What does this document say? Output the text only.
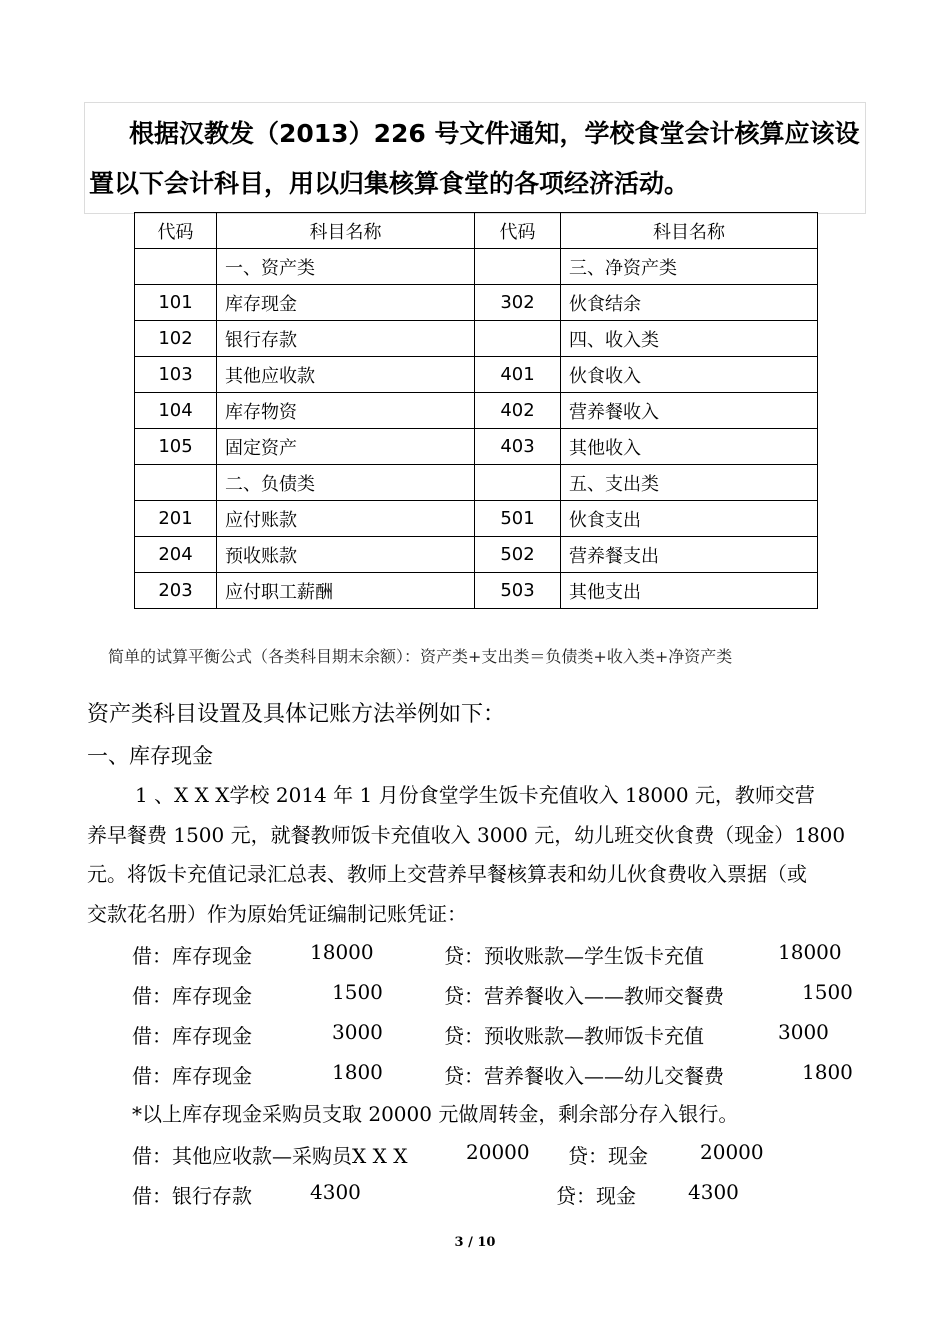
根据汉教发（2013）226 号文件通知，学校食堂会计核算应该设
置以下会计科目，用以归集核算食堂的各项经济活动。
代码	科目名称	代码	科目名称
	一、资产类		三、净资产类
101	库存现金	302	伙食结余
102	银行存款		四、收入类
103	其他应收款	401	伙食收入
104	库存物资	402	营养餐收入
105	固定资产	403	其他收入
	二、负债类		五、支出类
201	应付账款	501	伙食支出
204	预收账款	502	营养餐支出
203	应付职工薪酬	503	其他支出
简单的试算平衡公式（各类科目期末余额）：资产类+支出类＝负债类+收入类+净资产类
资产类科目设置及具体记账方法举例如下：
一、库存现金
1 、X X X学校 2014 年 1 月份食堂学生饭卡充值收入 18000 元，教师交营
养早餐费 1500 元，就餐教师饭卡充值收入 3000 元，幼儿班交伙食费（现金）1800
元。将饭卡充值记录汇总表、教师上交营养早餐核算表和幼儿伙食费收入票据（或
交款花名册）作为原始凭证编制记账凭证：
借：库存现金	18000	贷：预收账款—学生饭卡充值	18000
借：库存现金	1500	贷：营养餐收入——教师交餐费	1500
借：库存现金	3000	贷：预收账款—教师饭卡充值	3000
借：库存现金	1800	贷：营养餐收入——幼儿交餐费	1800
*以上库存现金采购员支取 20000 元做周转金，剩余部分存入银行。
借：其他应收款—采购员X X X	20000 贷：现金	20000
借：银行存款	4300	贷：现金	4300
3 / 10
